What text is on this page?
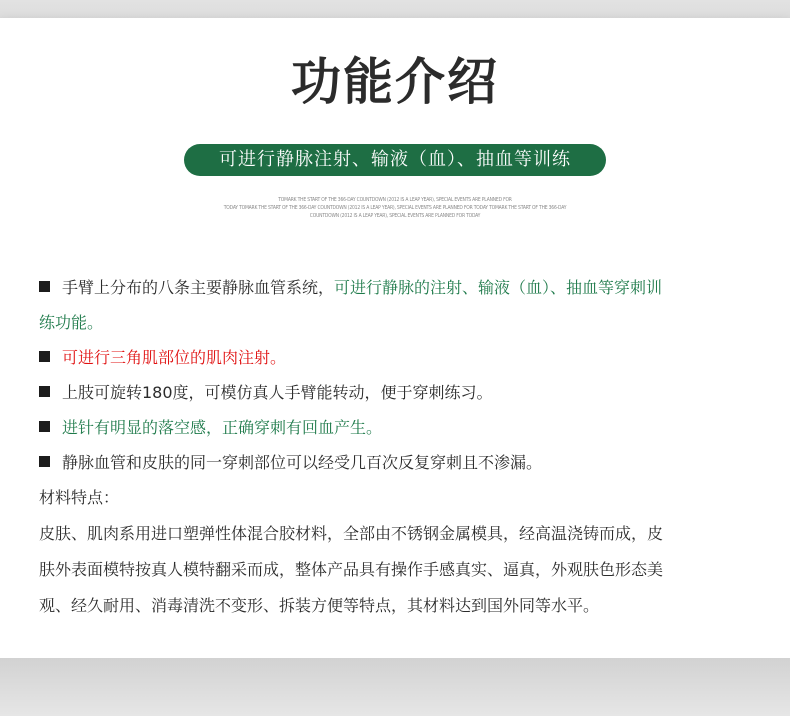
功能介绍
可进行静脉注射、输液（血）、抽血等训练
TOMARK THE START OF THE 366-DAY COUNTDOWN (2012 IS A LEAP YEAR), SPECIAL EVENTS ARE PLANNED FOR
TODAY TOMARK THE START OF THE 366-DAY COUNTDOWN (2012 IS A LEAP YEAR), SPECIAL EVENTS ARE PLANNED FOR TODAY TOMARK THE START OF THE 366-DAY
COUNTDOWN (2012 IS A LEAP YEAR), SPECIAL EVENTS ARE PLANNED FOR TODAY
手臂上分布的八条主要静脉血管系统，可进行静脉的注射、输液（血）、抽血等穿刺训
练功能。
可进行三角肌部位的肌肉注射。
上肢可旋转180度，可模仿真人手臂能转动，便于穿刺练习。
进针有明显的落空感，正确穿刺有回血产生。
静脉血管和皮肤的同一穿刺部位可以经受几百次反复穿刺且不渗漏。
材料特点：
皮肤、肌肉系用进口塑弹性体混合胶材料，全部由不锈钢金属模具，经高温浇铸而成，皮
肤外表面模特按真人模特翻采而成，整体产品具有操作手感真实、逼真，外观肤色形态美
观、经久耐用、消毒清洗不变形、拆装方便等特点，其材料达到国外同等水平。
